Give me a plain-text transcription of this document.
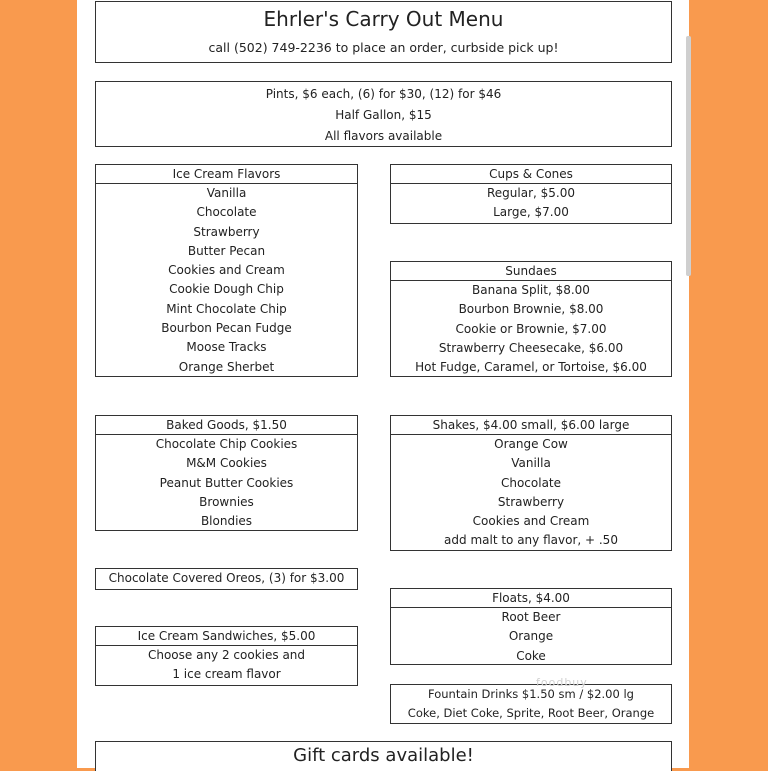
Ehrler's Carry Out Menu
call (502) 749-2236 to place an order, curbside pick up!
Pints, $6 each, (6) for $30, (12) for $46
Half Gallon, $15
All flavors available
Ice Cream Flavors
Vanilla
Chocolate
Strawberry
Butter Pecan
Cookies and Cream
Cookie Dough Chip
Mint Chocolate Chip
Bourbon Pecan Fudge
Moose Tracks
Orange Sherbet
Cups & Cones
Regular, $5.00
Large, $7.00
Sundaes
Banana Split, $8.00
Bourbon Brownie, $8.00
Cookie or Brownie, $7.00
Strawberry Cheesecake, $6.00
Hot Fudge, Caramel, or Tortoise, $6.00
Baked Goods, $1.50
Chocolate Chip Cookies
M&M Cookies
Peanut Butter Cookies
Brownies
Blondies
Shakes, $4.00 small, $6.00 large
Orange Cow
Vanilla
Chocolate
Strawberry
Cookies and Cream
add malt to any flavor, + .50
Chocolate Covered Oreos, (3) for $3.00
Floats, $4.00
Root Beer
Orange
Coke
Ice Cream Sandwiches, $5.00
Choose any 2 cookies and
1 ice cream flavor
Fountain Drinks $1.50 sm / $2.00 lg
Coke, Diet Coke, Sprite, Root Beer, Orange
Gift cards available!
foodbuy
